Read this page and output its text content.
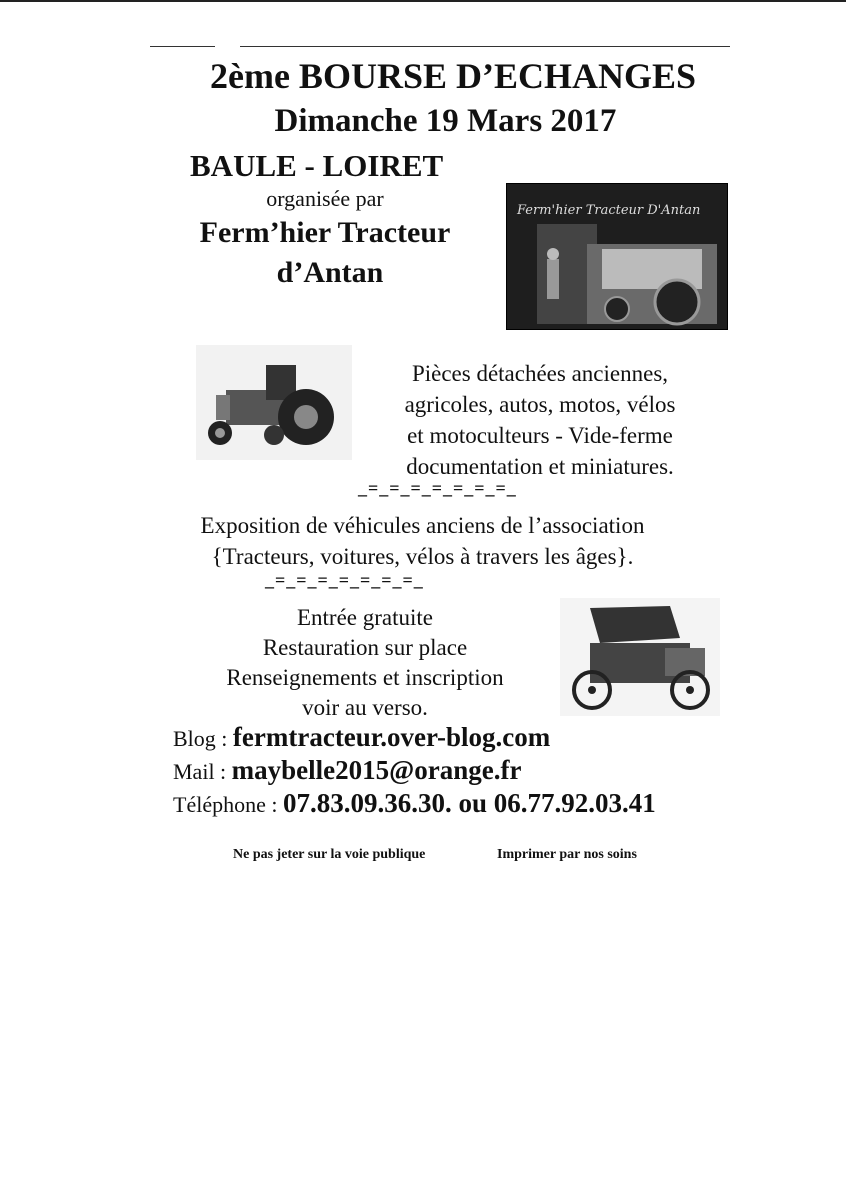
2ème BOURSE D’ECHANGES
Dimanche 19 Mars 2017
BAULE - LOIRET
organisée par
Ferm’hier Tracteur
d’Antan
Ferm'hier Tracteur D'Antan
Pièces détachées anciennes,
agricoles, autos, motos, vélos
et motoculteurs - Vide-ferme
documentation et miniatures.
_=_=_=_=_=_=_=_
Exposition de véhicules anciens de l’association
{Tracteurs, voitures, vélos à travers les âges}.
_=_=_=_=_=_=_=_
Entrée gratuite
Restauration sur place
Renseignements et inscription
voir au verso.
Blog : fermtracteur.over-blog.com
Mail : maybelle2015@orange.fr
Téléphone : 07.83.09.36.30. ou 06.77.92.03.41
Ne pas jeter sur la voie publique	Imprimer par nos soins
